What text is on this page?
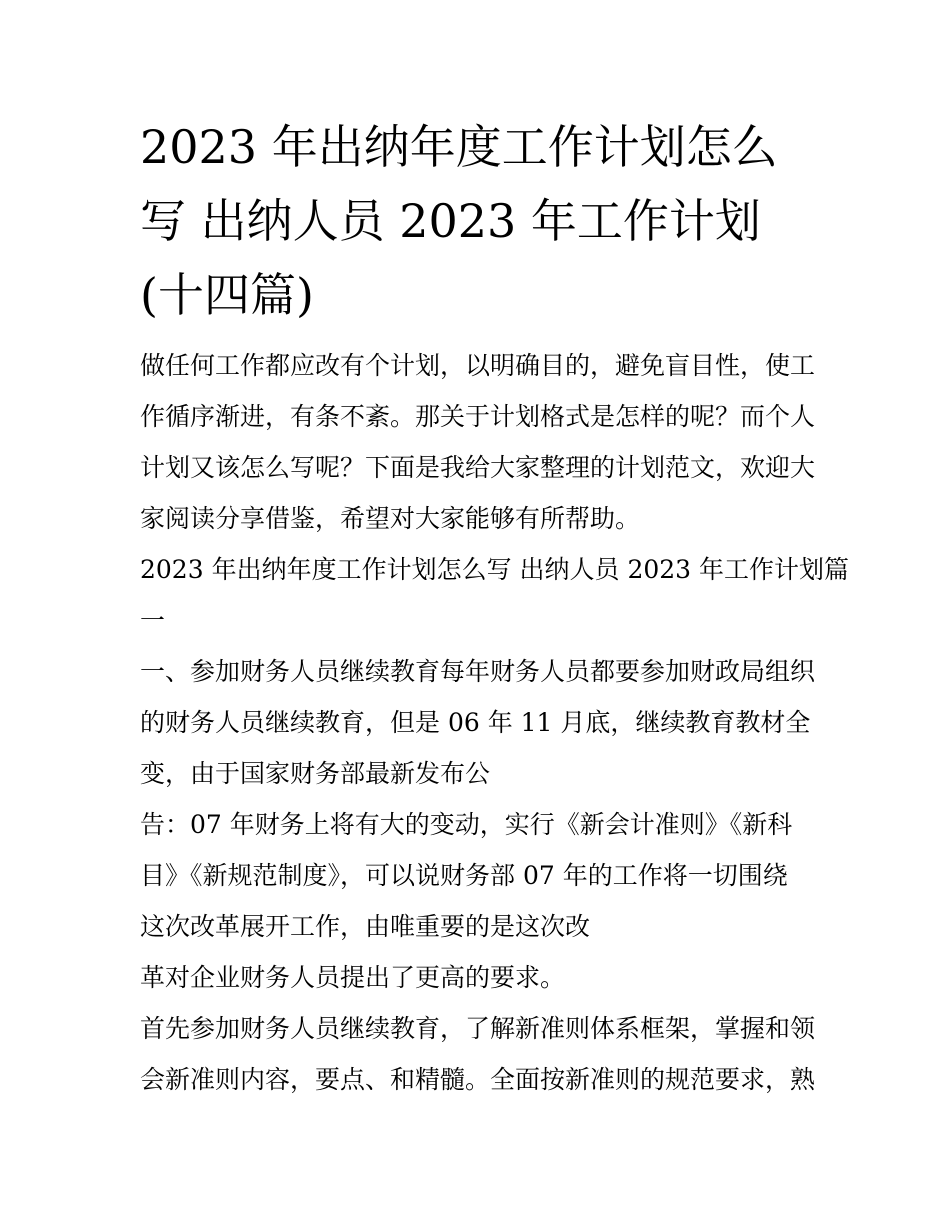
2023 年出纳年度工作计划怎么
写 出纳人员 2023 年工作计划
(十四篇)

做任何工作都应改有个计划，以明确目的，避免盲目性，使工

作循序渐进，有条不紊。那关于计划格式是怎样的呢？而个人

计划又该怎么写呢？下面是我给大家整理的计划范文，欢迎大

家阅读分享借鉴，希望对大家能够有所帮助。

2023 年出纳年度工作计划怎么写 出纳人员 2023 年工作计划篇

一

一、参加财务人员继续教育每年财务人员都要参加财政局组织

的财务人员继续教育，但是 06 年 11 月底，继续教育教材全

变，由于国家财务部最新发布公

告：07 年财务上将有大的变动，实行《新会计准则》《新科

目》《新规范制度》，可以说财务部 07 年的工作将一切围绕

这次改革展开工作，由唯重要的是这次改

革对企业财务人员提出了更高的要求。

首先参加财务人员继续教育，了解新准则体系框架，掌握和领

会新准则内容，要点、和精髓。全面按新准则的规范要求，熟
